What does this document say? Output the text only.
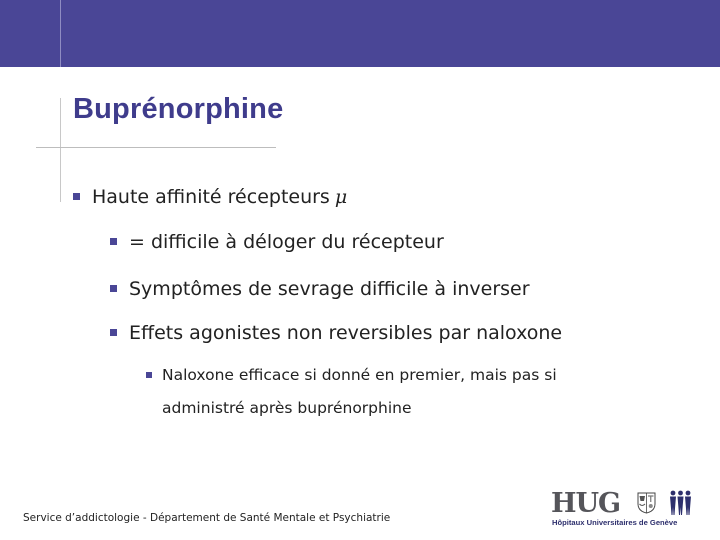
Buprénorphine
Haute affinité récepteurs μ
= difficile à déloger du récepteur
Symptômes de sevrage difficile à inverser
Effets agonistes non reversibles par naloxone
Naloxone efficace si donné en premier, mais pas si
administré après buprénorphine
Service d’addictologie - Département de Santé Mentale et Psychiatrie	HUG
Hôpitaux Universitaires de Genève
